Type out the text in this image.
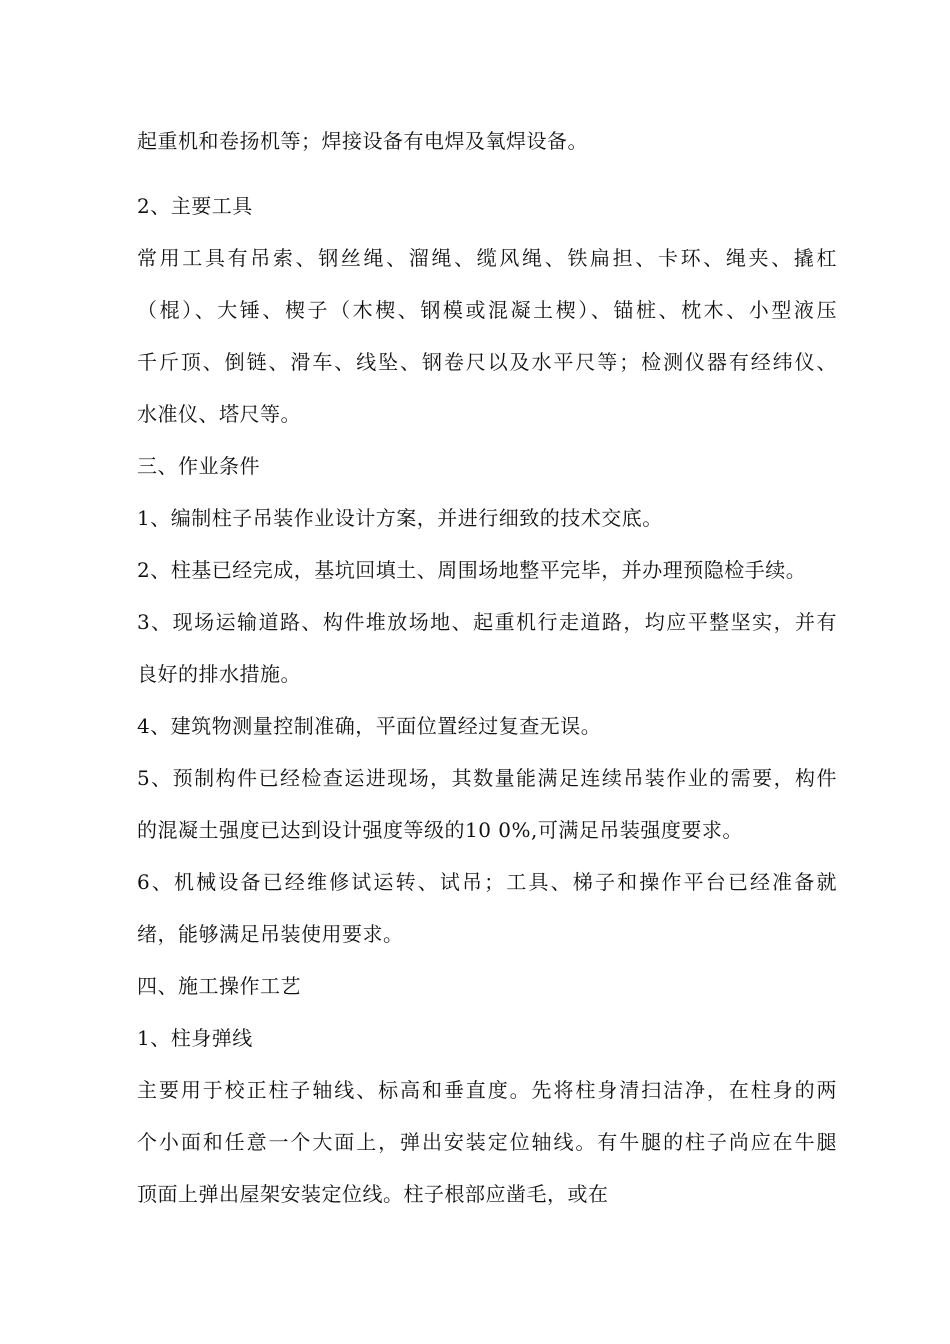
起重机和卷扬机等；焊接设备有电焊及氧焊设备。
2、主要工具
常用工具有吊索、钢丝绳、溜绳、缆风绳、铁扁担、卡环、绳夹、撬杠
（棍）、大锤、楔子（木楔、钢模或混凝土楔）、锚桩、枕木、小型液压
千斤顶、倒链、滑车、线坠、钢卷尺以及水平尺等；检测仪器有经纬仪、
水准仪、塔尺等。
三、作业条件
1、编制柱子吊装作业设计方案，并进行细致的技术交底。
2、柱基已经完成，基坑回填土、周围场地整平完毕，并办理预隐检手续。
3、现场运输道路、构件堆放场地、起重机行走道路，均应平整坚实，并有
良好的排水措施。
4、建筑物测量控制准确，平面位置经过复查无误。
5、预制构件已经检查运进现场，其数量能满足连续吊装作业的需要，构件
的混凝土强度已达到设计强度等级的10 0%,可满足吊装强度要求。
6、机械设备已经维修试运转、试吊；工具、梯子和操作平台已经准备就
绪，能够满足吊装使用要求。
四、施工操作工艺
1、柱身弹线
主要用于校正柱子轴线、标高和垂直度。先将柱身清扫洁净，在柱身的两
个小面和任意一个大面上，弹出安装定位轴线。有牛腿的柱子尚应在牛腿
顶面上弹出屋架安装定位线。柱子根部应凿毛，或在
